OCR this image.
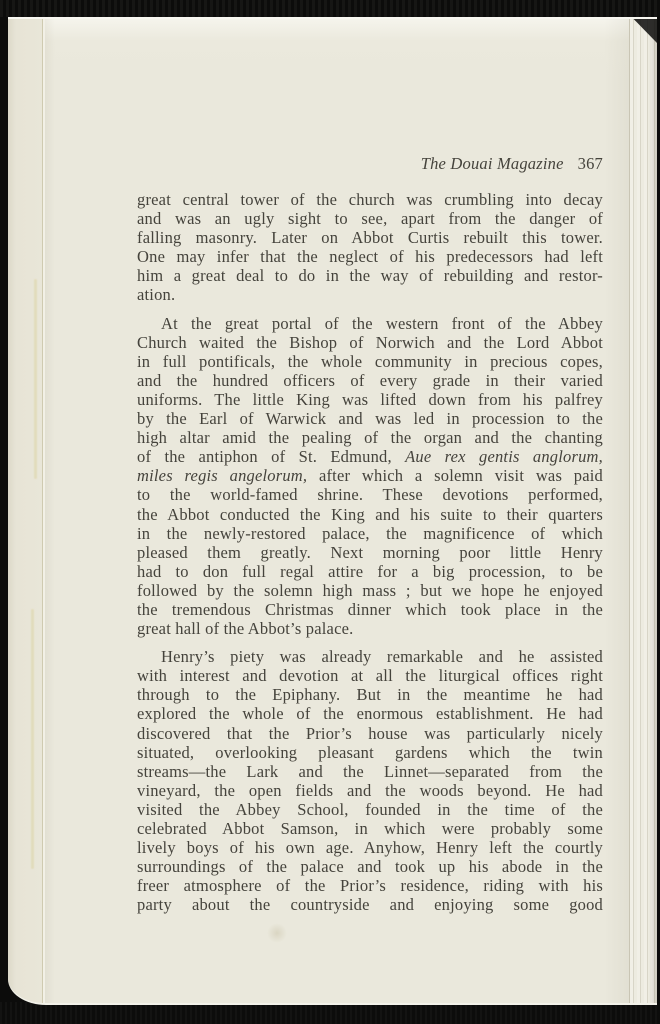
The Douai Magazine 367
great central tower of the church was crumbling into decay
and was an ugly sight to see, apart from the danger of
falling masonry. Later on Abbot Curtis rebuilt this tower.
One may infer that the neglect of his predecessors had left
him a great deal to do in the way of rebuilding and restor-
ation.
At the great portal of the western front of the Abbey
Church waited the Bishop of Norwich and the Lord Abbot
in full pontificals, the whole community in precious copes,
and the hundred officers of every grade in their varied
uniforms. The little King was lifted down from his palfrey
by the Earl of Warwick and was led in procession to the
high altar amid the pealing of the organ and the chanting
of the antiphon of St. Edmund, Aue rex gentis anglorum,
miles regis angelorum, after which a solemn visit was paid
to the world-famed shrine. These devotions performed,
the Abbot conducted the King and his suite to their quarters
in the newly-restored palace, the magnificence of which
pleased them greatly. Next morning poor little Henry
had to don full regal attire for a big procession, to be
followed by the solemn high mass ; but we hope he enjoyed
the tremendous Christmas dinner which took place in the
great hall of the Abbot’s palace.
Henry’s piety was already remarkable and he assisted
with interest and devotion at all the liturgical offices right
through to the Epiphany. But in the meantime he had
explored the whole of the enormous establishment. He had
discovered that the Prior’s house was particularly nicely
situated, overlooking pleasant gardens which the twin
streams—the Lark and the Linnet—separated from the
vineyard, the open fields and the woods beyond. He had
visited the Abbey School, founded in the time of the
celebrated Abbot Samson, in which were probably some
lively boys of his own age. Anyhow, Henry left the courtly
surroundings of the palace and took up his abode in the
freer atmosphere of the Prior’s residence, riding with his
party about the countryside and enjoying some good
